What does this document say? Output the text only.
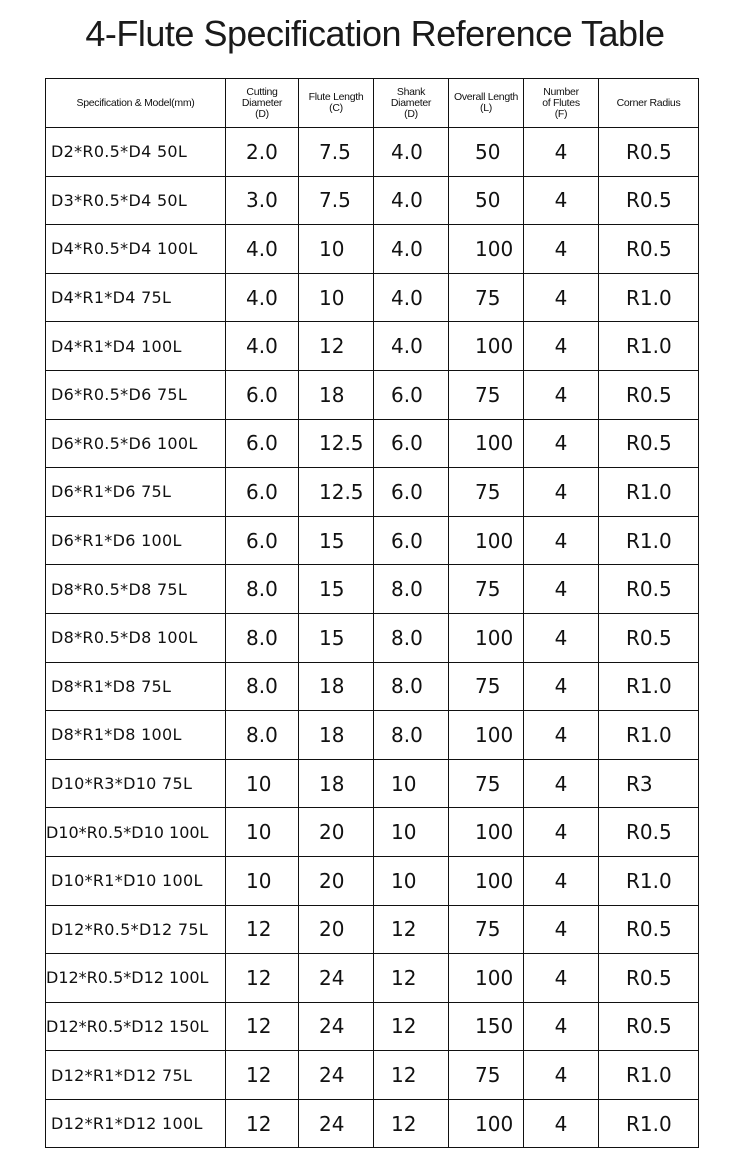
4-Flute Specification Reference Table
Specification & Model(mm)	Cutting
Diameter
(D)	Flute Length
(C)	Shank
Diameter
(D)	Overall Length
(L)	Number
of Flutes
(F)	Corner Radius

D2*R0.5*D4 50L	2.0	7.5	4.0	50	4	R0.5
D3*R0.5*D4 50L	3.0	7.5	4.0	50	4	R0.5
D4*R0.5*D4 100L	4.0	10	4.0	100	4	R0.5
D4*R1*D4 75L	4.0	10	4.0	75	4	R1.0
D4*R1*D4 100L	4.0	12	4.0	100	4	R1.0
D6*R0.5*D6 75L	6.0	18	6.0	75	4	R0.5
D6*R0.5*D6 100L	6.0	12.5	6.0	100	4	R0.5
D6*R1*D6 75L	6.0	12.5	6.0	75	4	R1.0
D6*R1*D6 100L	6.0	15	6.0	100	4	R1.0
D8*R0.5*D8 75L	8.0	15	8.0	75	4	R0.5
D8*R0.5*D8 100L	8.0	15	8.0	100	4	R0.5
D8*R1*D8 75L	8.0	18	8.0	75	4	R1.0
D8*R1*D8 100L	8.0	18	8.0	100	4	R1.0
D10*R3*D10 75L	10	18	10	75	4	R3
D10*R0.5*D10 100L	10	20	10	100	4	R0.5
D10*R1*D10 100L	10	20	10	100	4	R1.0
D12*R0.5*D12 75L	12	20	12	75	4	R0.5
D12*R0.5*D12 100L	12	24	12	100	4	R0.5
D12*R0.5*D12 150L	12	24	12	150	4	R0.5
D12*R1*D12 75L	12	24	12	75	4	R1.0
D12*R1*D12 100L	12	24	12	100	4	R1.0
